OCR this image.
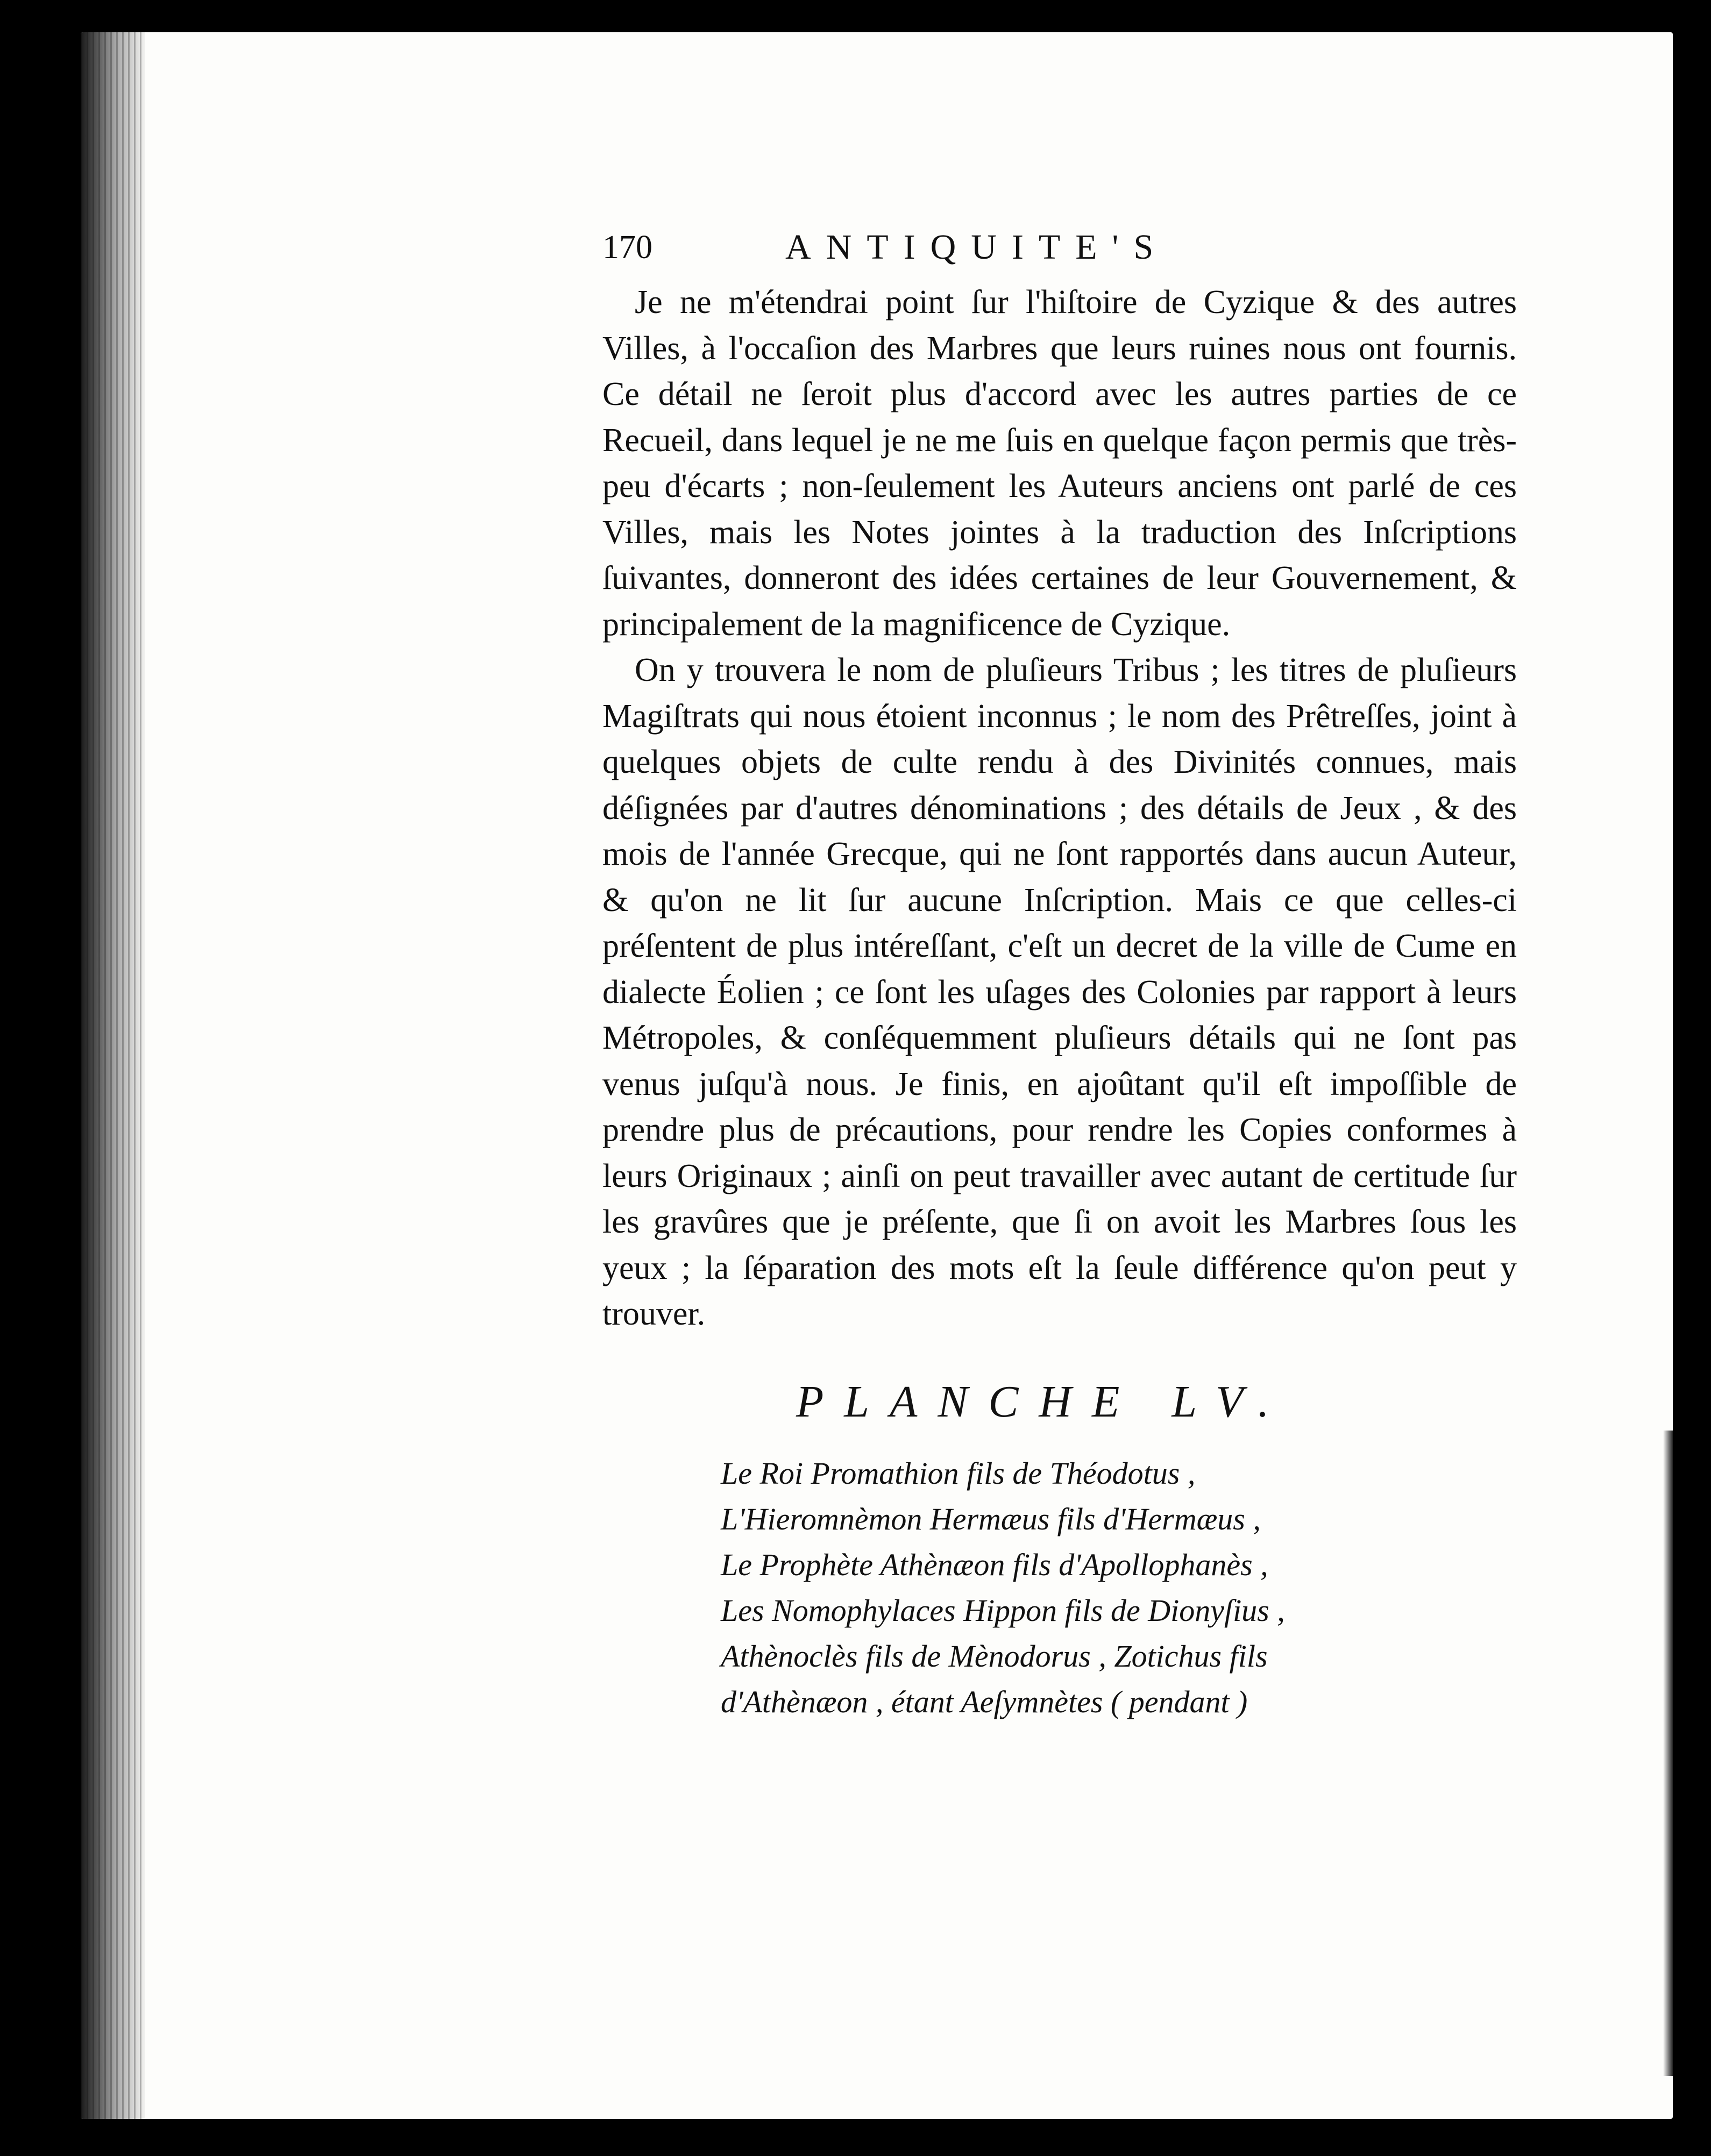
170	ANTIQUITE'S

Je ne m'étendrai point ſur l'hiſtoire de Cyzique & des autres Villes, à l'occaſion des Marbres que leurs ruines nous ont fournis. Ce détail ne ſeroit plus d'accord avec les autres parties de ce Recueil, dans lequel je ne me ſuis en quelque façon permis que très-peu d'écarts ; non-ſeulement les Auteurs anciens ont parlé de ces Villes, mais les Notes jointes à la traduction des Inſcriptions ſuivantes, donneront des idées certaines de leur Gouvernement, & principalement de la magnificence de Cyzique.

On y trouvera le nom de pluſieurs Tribus ; les titres de pluſieurs Magiſtrats qui nous étoient inconnus ; le nom des Prêtreſſes, joint à quelques objets de culte rendu à des Divinités connues, mais déſignées par d'autres dénominations ; des détails de Jeux , & des mois de l'année Grecque, qui ne ſont rapportés dans aucun Auteur, & qu'on ne lit ſur aucune Inſcription. Mais ce que celles-ci préſentent de plus intéreſſant, c'eſt un decret de la ville de Cume en dialecte Éolien ; ce ſont les uſages des Colonies par rapport à leurs Métropoles, & conſéquemment pluſieurs détails qui ne ſont pas venus juſqu'à nous. Je finis, en ajoûtant qu'il eſt impoſſible de prendre plus de précautions, pour rendre les Copies conformes à leurs Originaux ; ainſi on peut travailler avec autant de certitude ſur les gravûres que je préſente, que ſi on avoit les Marbres ſous les yeux ; la ſéparation des mots eſt la ſeule différence qu'on peut y trouver.

PLANCHE LV.
Le Roi Promathion fils de Théodotus ,
L'Hieromnèmon Hermæus fils d'Hermæus ,
Le Prophète Athènæon fils d'Apollophanès ,
Les Nomophylaces Hippon fils de Dionyſius ,
Athènoclès fils de Mènodorus , Zotichus fils
d'Athènæon , étant Aeſymnètes ( pendant )
